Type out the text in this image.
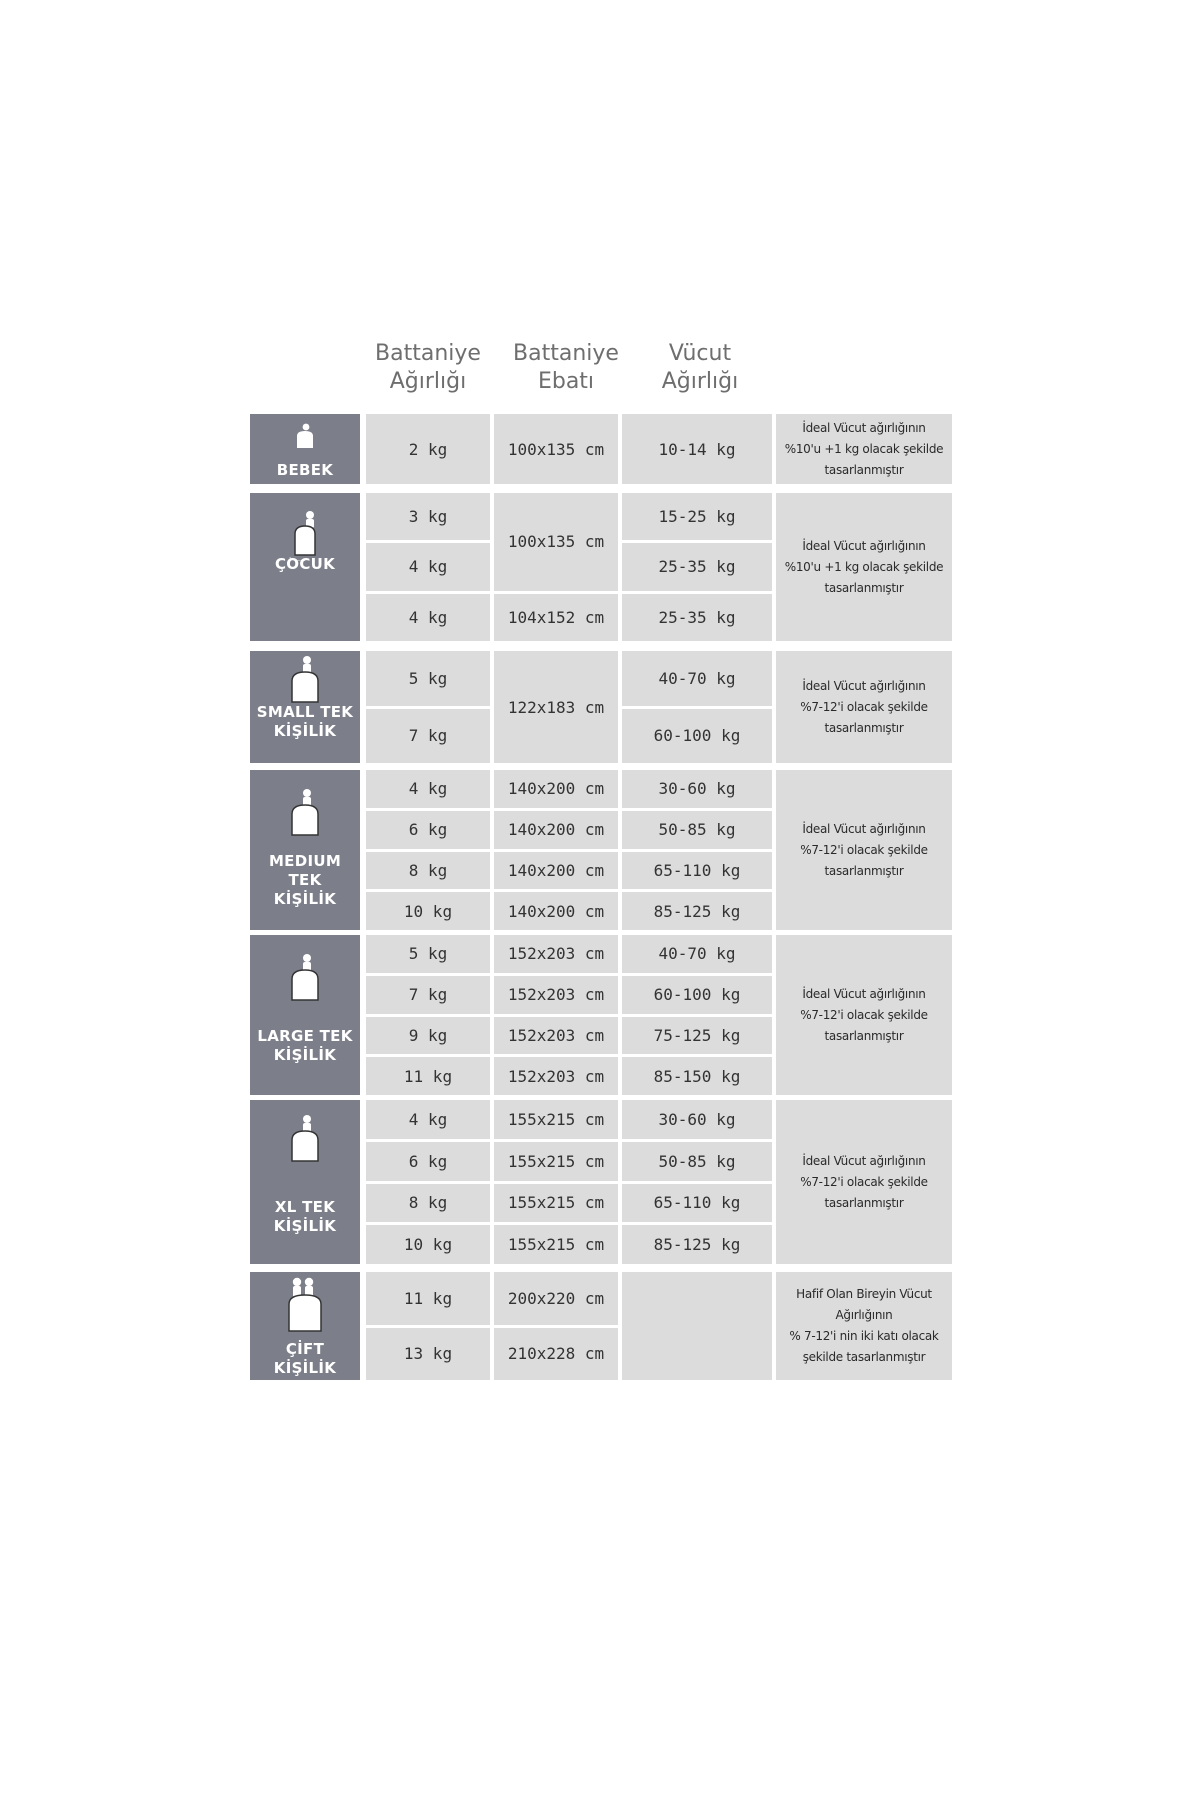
Battaniye
Ağırlığı
Battaniye
Ebatı
Vücut
Ağırlığı
BEBEK
2 kg	100x135 cm	10-14 kg
İdeal Vücut ağırlığının
%10'u +1 kg olacak şekilde
tasarlanmıştır
ÇOCUK
3 kg
4 kg
4 kg
100x135 cm
104x152 cm
15-25 kg
25-35 kg
25-35 kg
İdeal Vücut ağırlığının
%10'u +1 kg olacak şekilde
tasarlanmıştır
SMALL TEK
KİŞİLİK
5 kg
7 kg
122x183 cm
40-70 kg
60-100 kg
İdeal Vücut ağırlığının
%7-12'i olacak şekilde
tasarlanmıştır
MEDIUM
TEK
KİŞİLİK
4 kg
6 kg
8 kg
10 kg
140x200 cm
140x200 cm
140x200 cm
140x200 cm
30-60 kg
50-85 kg
65-110 kg
85-125 kg
İdeal Vücut ağırlığının
%7-12'i olacak şekilde
tasarlanmıştır
LARGE TEK
KİŞİLİK
5 kg
7 kg
9 kg
11 kg
152x203 cm
152x203 cm
152x203 cm
152x203 cm
40-70 kg
60-100 kg
75-125 kg
85-150 kg
İdeal Vücut ağırlığının
%7-12'i olacak şekilde
tasarlanmıştır
XL TEK
KİŞİLİK
4 kg
6 kg
8 kg
10 kg
155x215 cm
155x215 cm
155x215 cm
155x215 cm
30-60 kg
50-85 kg
65-110 kg
85-125 kg
İdeal Vücut ağırlığının
%7-12'i olacak şekilde
tasarlanmıştır
ÇİFT
KİŞİLİK
11 kg
13 kg
200x220 cm
210x228 cm
Hafif Olan Bireyin Vücut
Ağırlığının
% 7-12'i nin iki katı olacak
şekilde tasarlanmıştır
